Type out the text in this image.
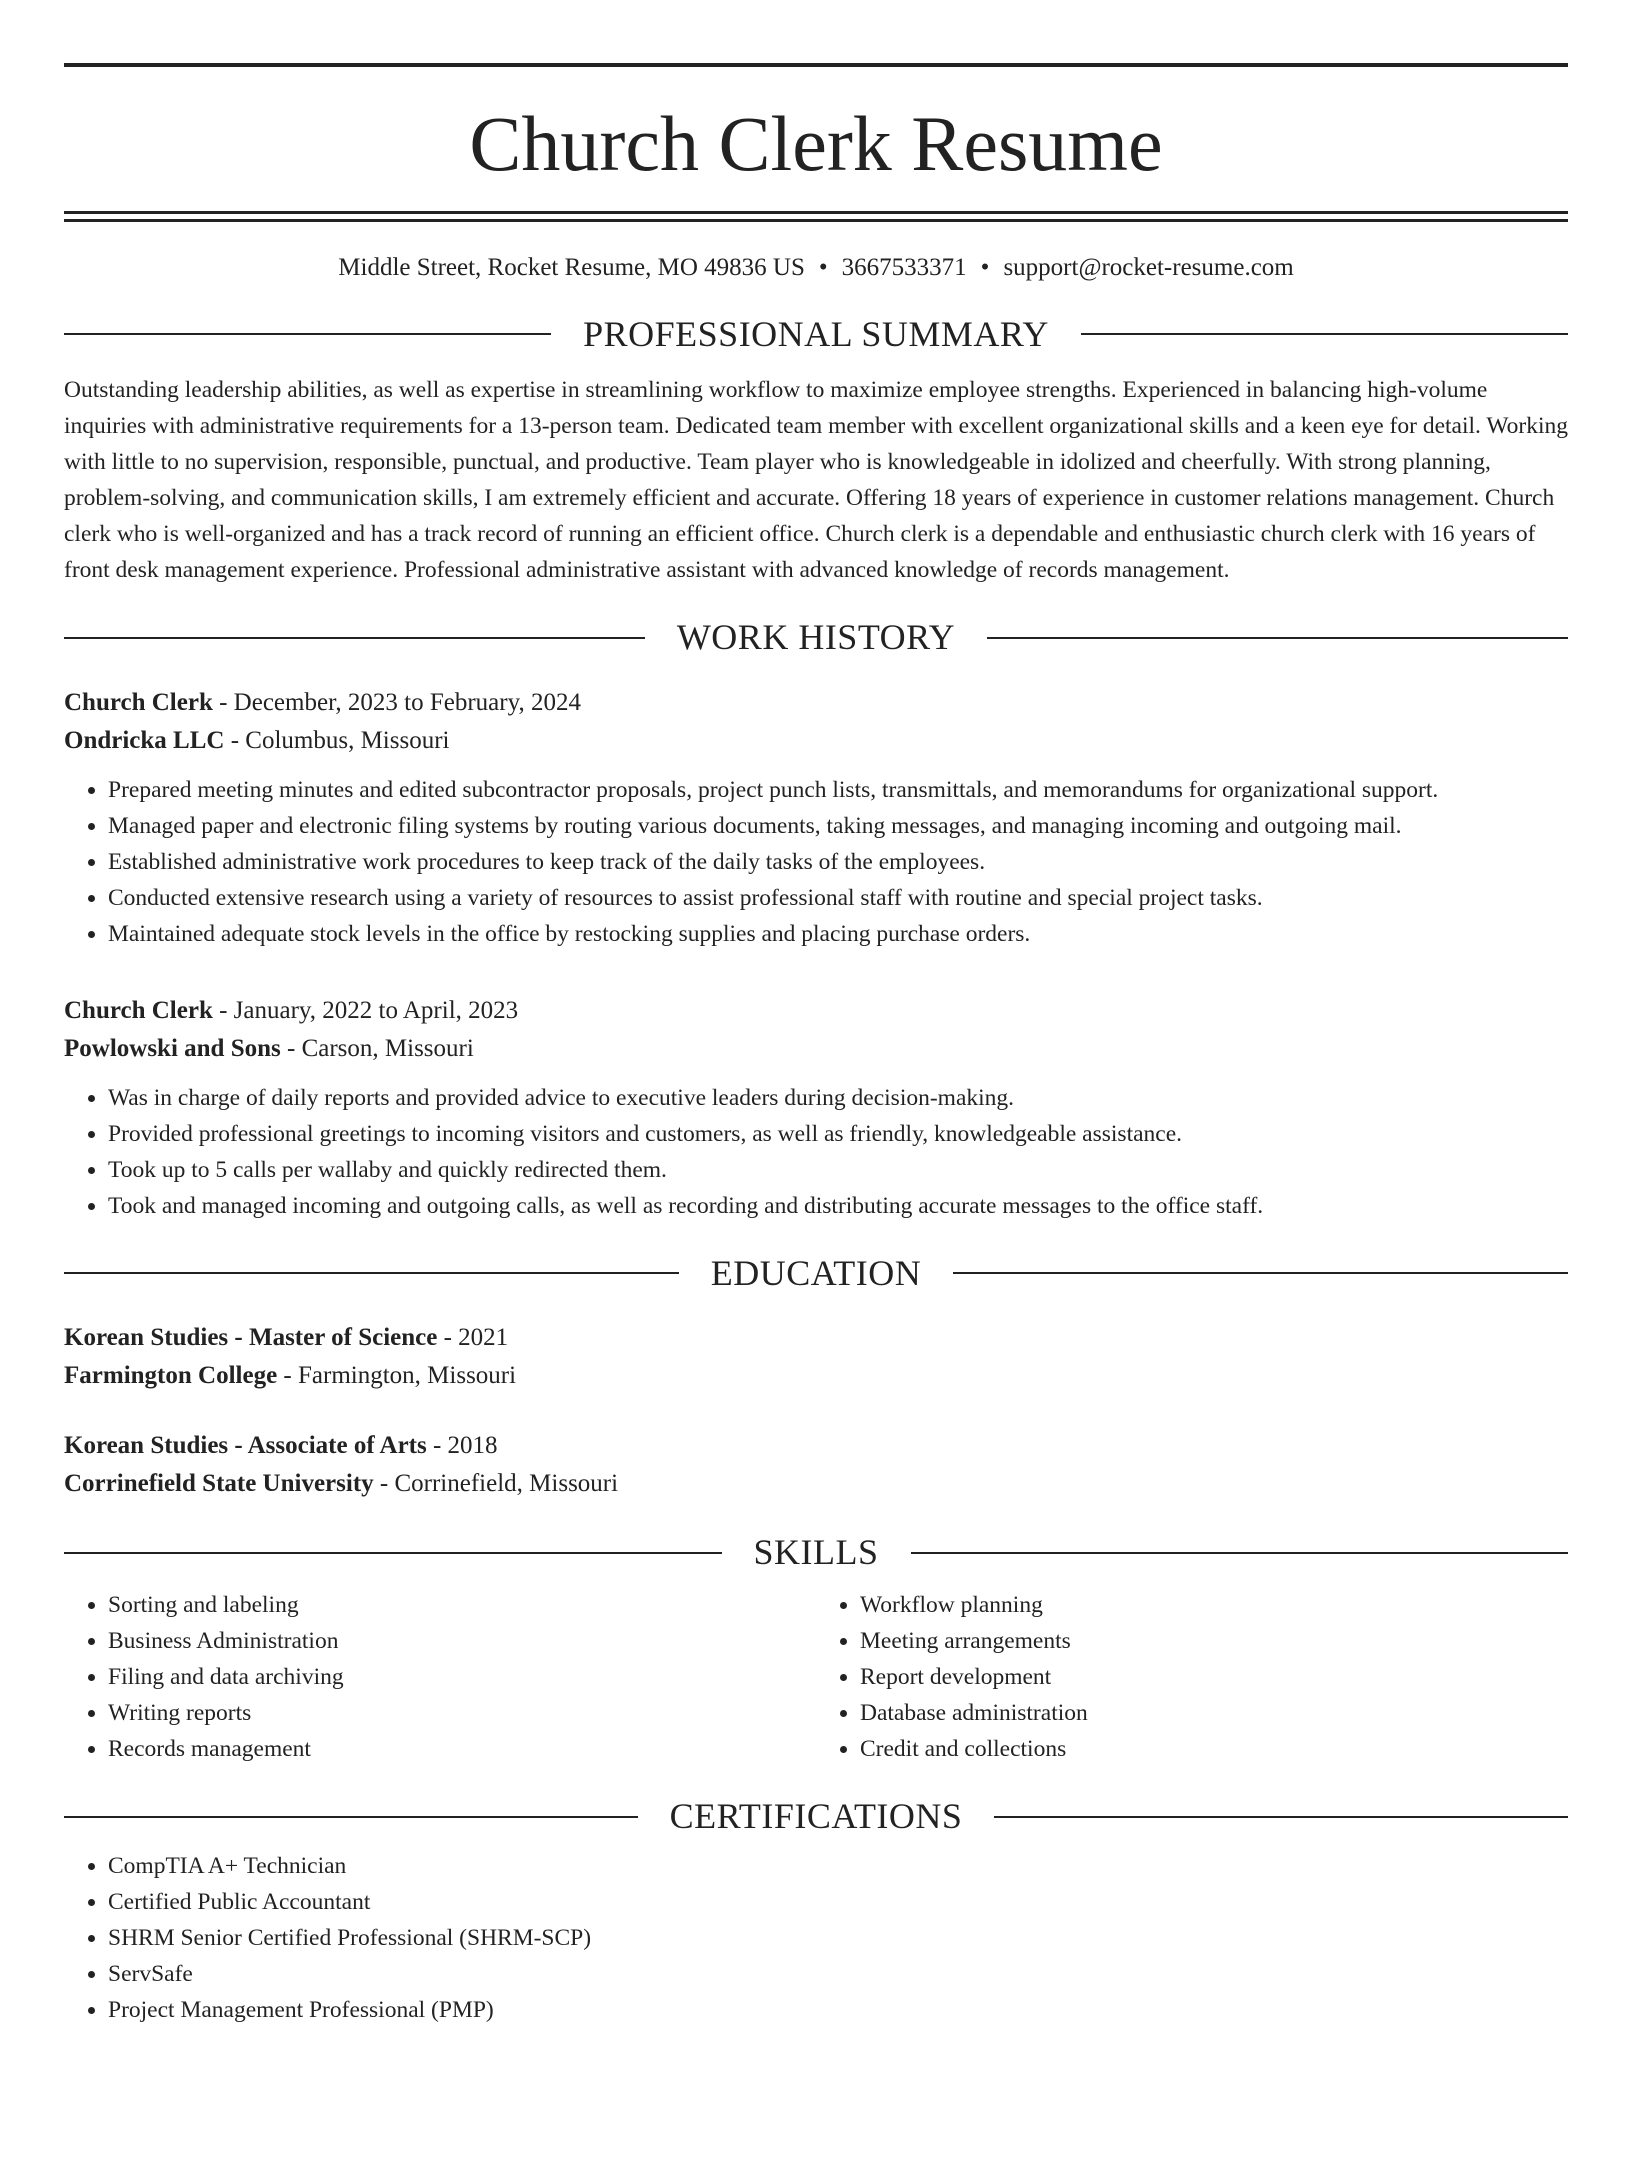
Church Clerk Resume
Middle Street, Rocket Resume, MO 49836 US • 3667533371 • support@rocket-resume.com
PROFESSIONAL SUMMARY

Outstanding leadership abilities, as well as expertise in streamlining workflow to maximize employee strengths. Experienced in balancing high-volume inquiries with administrative requirements for a 13-person team. Dedicated team member with excellent organizational skills and a keen eye for detail. Working with little to no supervision, responsible, punctual, and productive. Team player who is knowledgeable in idolized and cheerfully. With strong planning, problem-solving, and communication skills, I am extremely efficient and accurate. Offering 18 years of experience in customer relations management. Church clerk who is well-organized and has a track record of running an efficient office. Church clerk is a dependable and enthusiastic church clerk with 16 years of front desk management experience. Professional administrative assistant with advanced knowledge of records management.

WORK HISTORY
Church Clerk - December, 2023 to February, 2024
Ondricka LLC - Columbus, Missouri
• Prepared meeting minutes and edited subcontractor proposals, project punch lists, transmittals, and memorandums for organizational support.
• Managed paper and electronic filing systems by routing various documents, taking messages, and managing incoming and outgoing mail.
• Established administrative work procedures to keep track of the daily tasks of the employees.
• Conducted extensive research using a variety of resources to assist professional staff with routine and special project tasks.
• Maintained adequate stock levels in the office by restocking supplies and placing purchase orders.
Church Clerk - January, 2022 to April, 2023
Powlowski and Sons - Carson, Missouri
• Was in charge of daily reports and provided advice to executive leaders during decision-making.
• Provided professional greetings to incoming visitors and customers, as well as friendly, knowledgeable assistance.
• Took up to 5 calls per wallaby and quickly redirected them.
• Took and managed incoming and outgoing calls, as well as recording and distributing accurate messages to the office staff.
EDUCATION
Korean Studies - Master of Science - 2021
Farmington College - Farmington, Missouri
Korean Studies - Associate of Arts - 2018
Corrinefield State University - Corrinefield, Missouri
SKILLS
• Sorting and labeling
• Business Administration
• Filing and data archiving
• Writing reports
• Records management
• Workflow planning
• Meeting arrangements
• Report development
• Database administration
• Credit and collections
CERTIFICATIONS
• CompTIA A+ Technician
• Certified Public Accountant
• SHRM Senior Certified Professional (SHRM-SCP)
• ServSafe
• Project Management Professional (PMP)
